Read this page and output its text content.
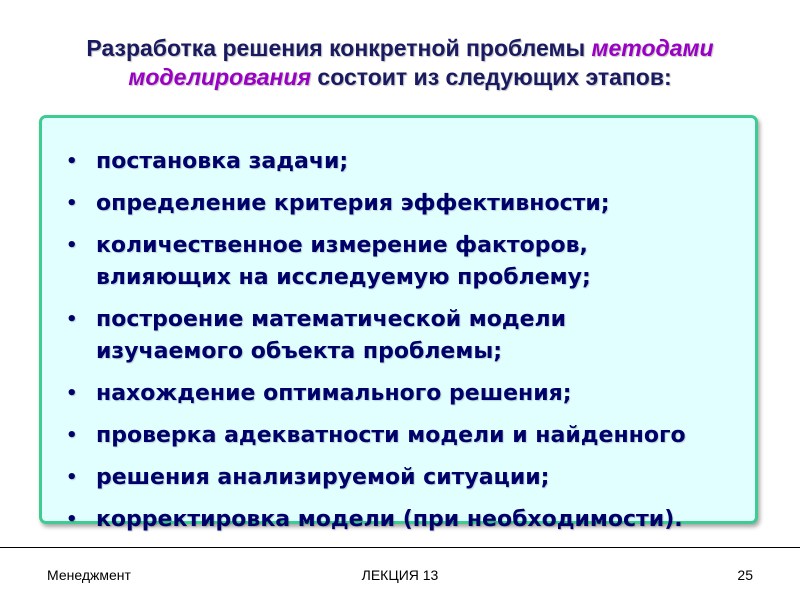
Разработка решения конкретной проблемы методами моделирования состоит из следующих этапов:
• постановка задачи;
• определение критерия эффективности;
• количественное измерение факторов,
влияющих на исследуемую проблему;
• построение математической модели
изучаемого объекта проблемы;
• нахождение оптимального решения;
• проверка адекватности модели и найденного
• решения анализируемой ситуации;
• корректировка модели (при необходимости).
Менеджмент	ЛЕКЦИЯ 13	25
